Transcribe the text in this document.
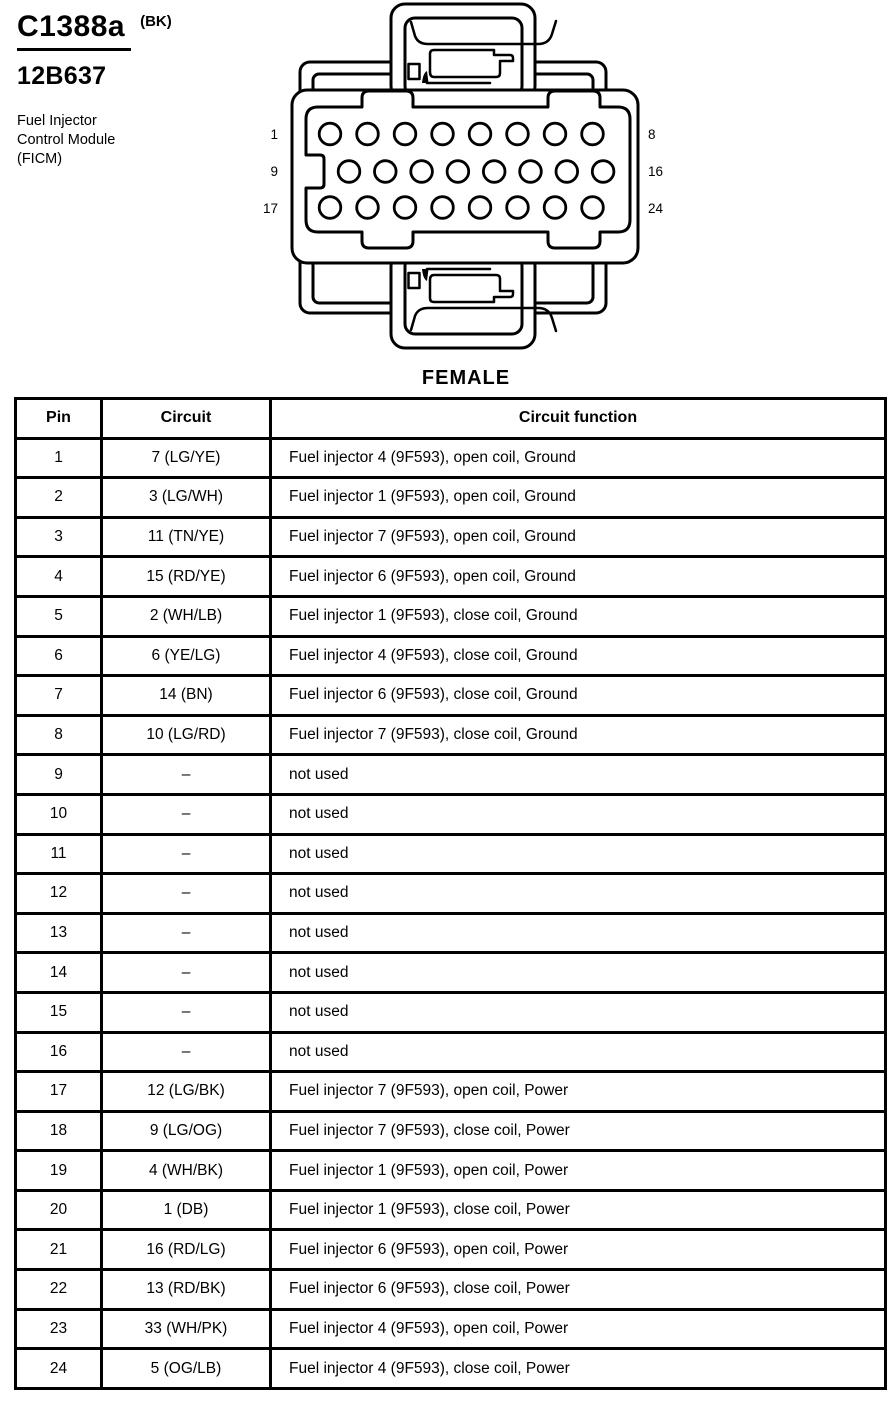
C1388a (BK)
12B637
Fuel Injector
Control Module
(FICM)
1
9
17
8
16
24
FEMALE
Pin	Circuit	Circuit function
1	7 (LG/YE)	Fuel injector 4 (9F593), open coil, Ground
2	3 (LG/WH)	Fuel injector 1 (9F593), open coil, Ground
3	11 (TN/YE)	Fuel injector 7 (9F593), open coil, Ground
4	15 (RD/YE)	Fuel injector 6 (9F593), open coil, Ground
5	2 (WH/LB)	Fuel injector 1 (9F593), close coil, Ground
6	6 (YE/LG)	Fuel injector 4 (9F593), close coil, Ground
7	14 (BN)	Fuel injector 6 (9F593), close coil, Ground
8	10 (LG/RD)	Fuel injector 7 (9F593), close coil, Ground
9	–	not used
10	–	not used
11	–	not used
12	–	not used
13	–	not used
14	–	not used
15	–	not used
16	–	not used
17	12 (LG/BK)	Fuel injector 7 (9F593), open coil, Power
18	9 (LG/OG)	Fuel injector 7 (9F593), close coil, Power
19	4 (WH/BK)	Fuel injector 1 (9F593), open coil, Power
20	1 (DB)	Fuel injector 1 (9F593), close coil, Power
21	16 (RD/LG)	Fuel injector 6 (9F593), open coil, Power
22	13 (RD/BK)	Fuel injector 6 (9F593), close coil, Power
23	33 (WH/PK)	Fuel injector 4 (9F593), open coil, Power
24	5 (OG/LB)	Fuel injector 4 (9F593), close coil, Power
